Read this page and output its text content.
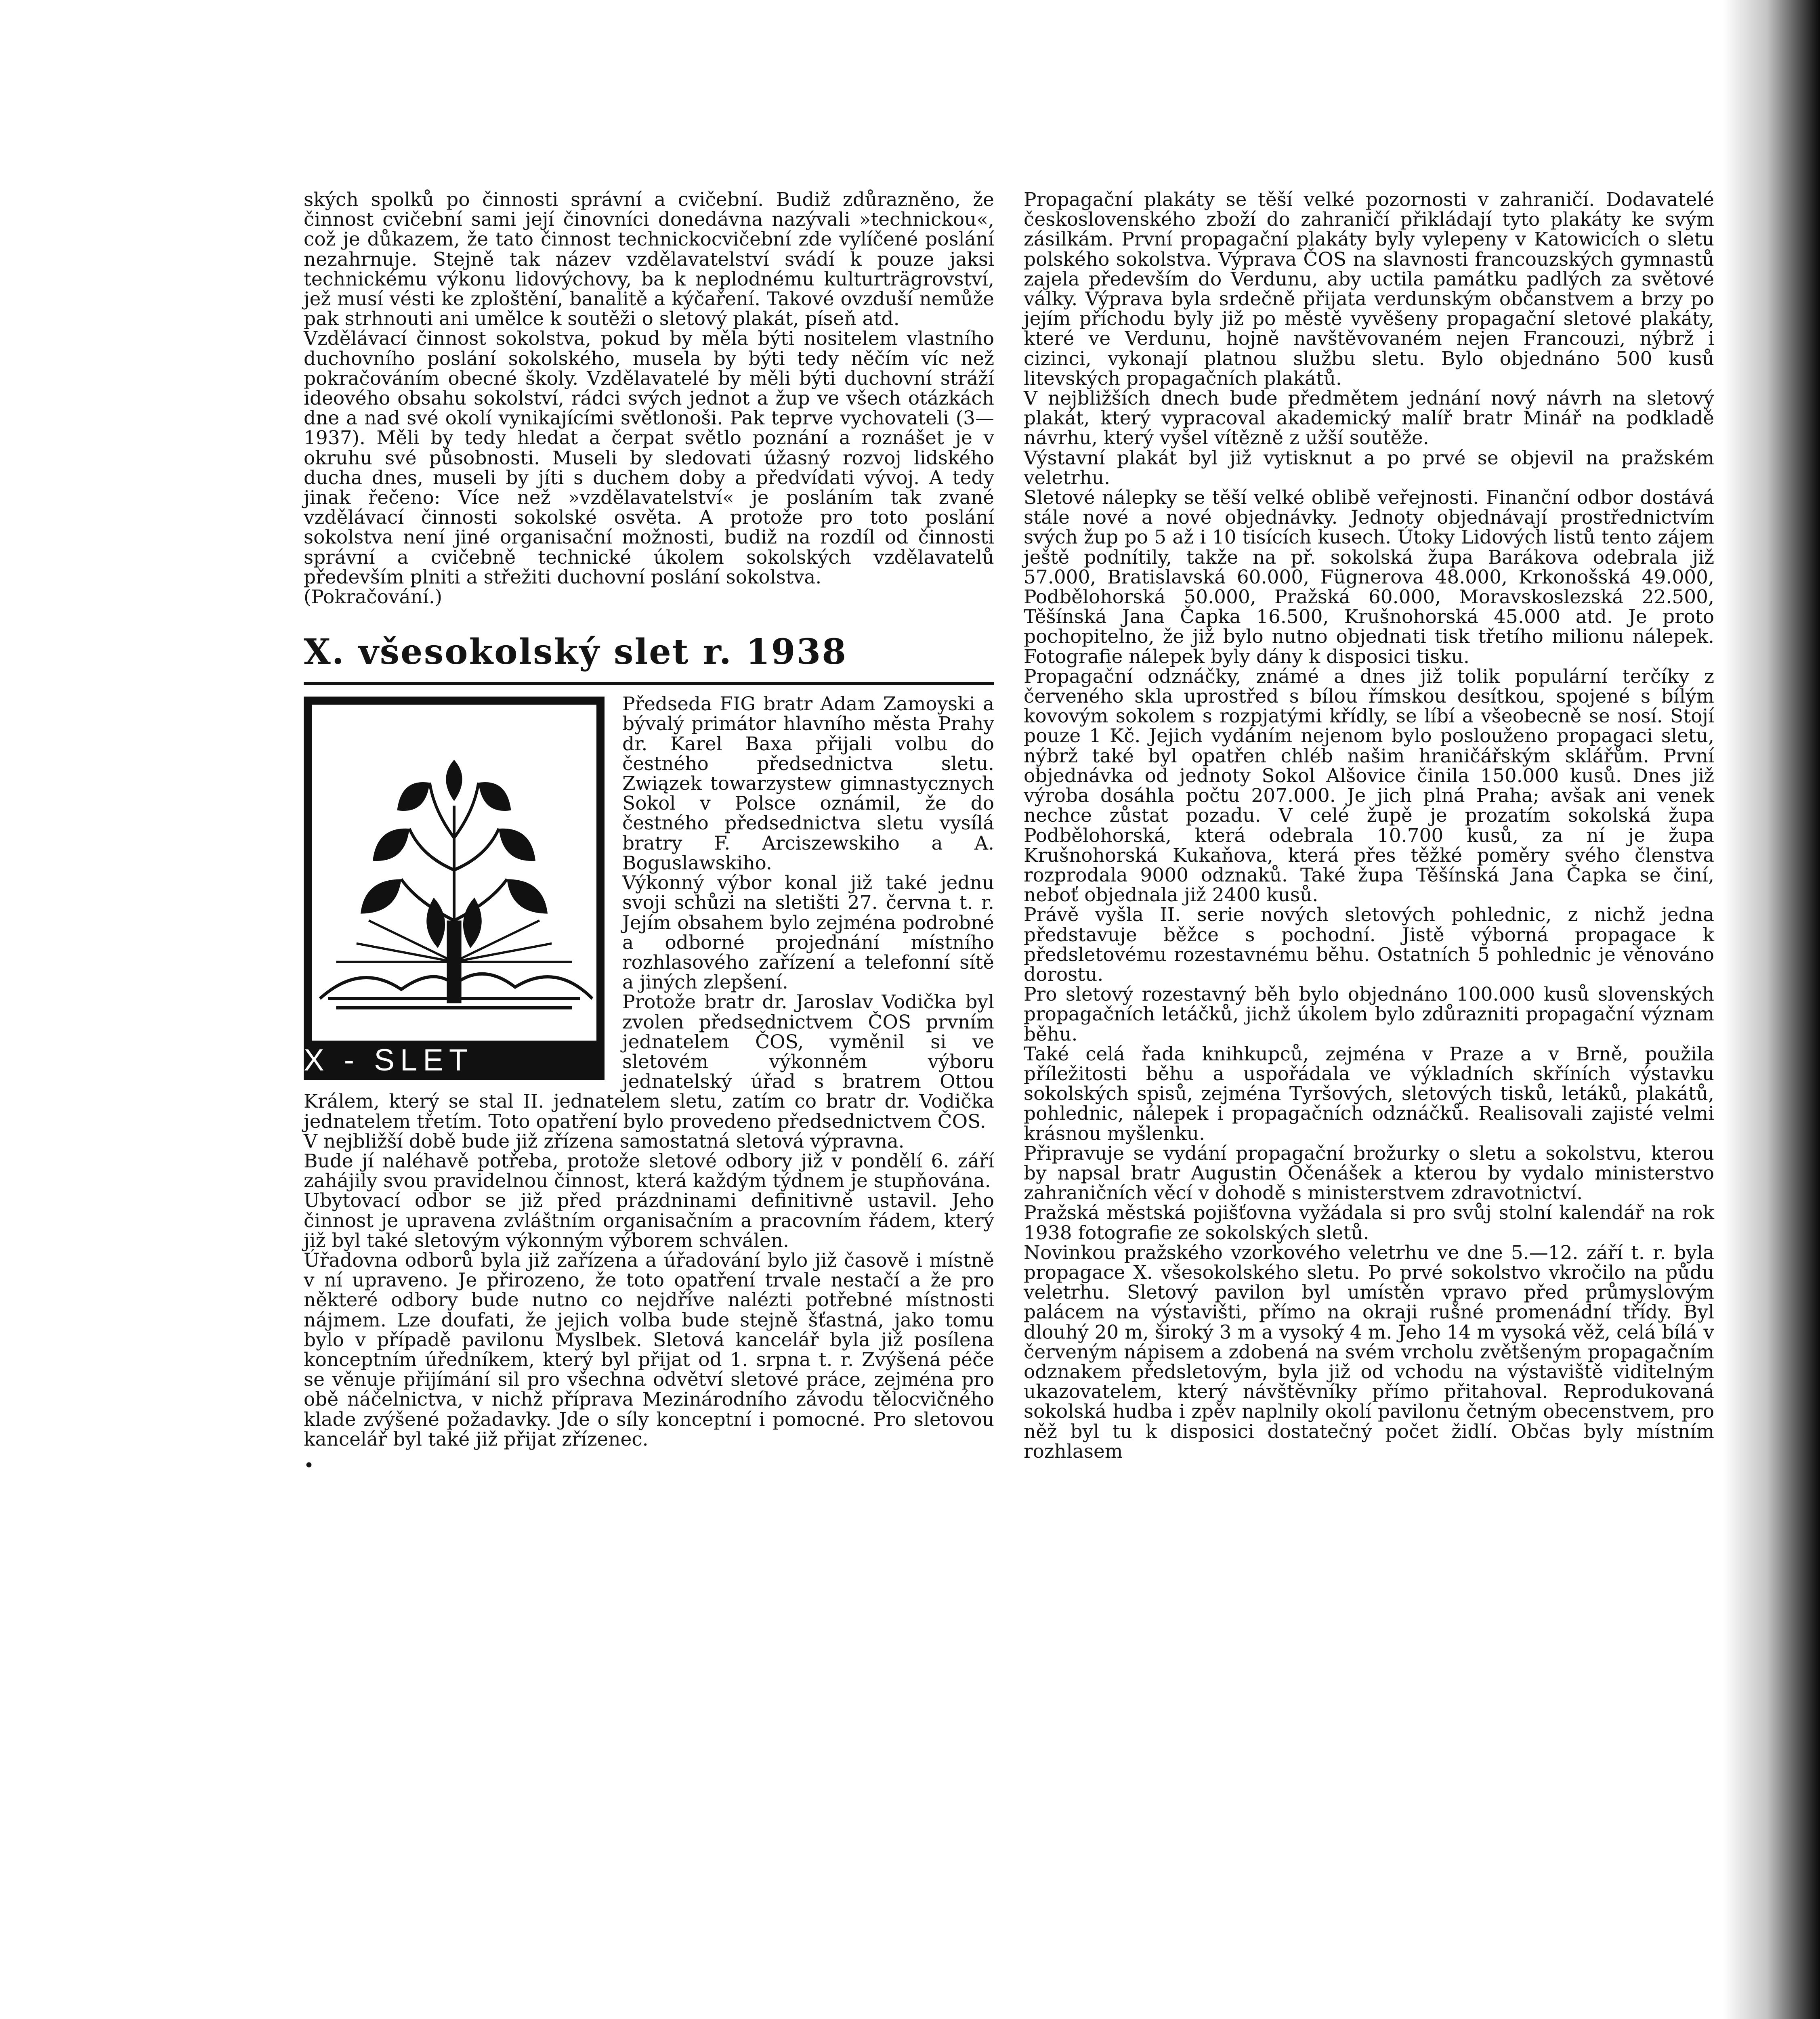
ských spolků po činnosti správní a cvičební. Budiž zdůrazněno, že činnost cvičební sami její činovníci donedávna nazývali »technickou«, což je důkazem, že tato činnost technickocvičební zde vylíčené poslání nezahrnuje. Stejně tak název vzdělavatelství svádí k pouze jaksi technickému výkonu lidovýchovy, ba k neplodnému kulturträgrovství, jež musí vésti ke zploštění, banalitě a kýčaření. Takové ovzduší nemůže pak strhnouti ani umělce k soutěži o sletový plakát, píseň atd.

Vzdělávací činnost sokolstva, pokud by měla býti nositelem vlastního duchovního poslání sokolského, musela by býti tedy něčím víc než pokračováním obecné školy. Vzdělavatelé by měli býti duchovní stráží ideového obsahu sokolství, rádci svých jednot a žup ve všech otázkách dne a nad své okolí vynikajícími světlonoši. Pak teprve vychovateli (3—1937). Měli by tedy hledat a čerpat světlo poznání a roznášet je v okruhu své působnosti. Museli by sledovati úžasný rozvoj lidského ducha dnes, museli by jíti s duchem doby a předvídati vývoj. A tedy jinak řečeno: Více než »vzdělavatelství« je posláním tak zvané vzdělávací činnosti sokolské osvěta. A protože pro toto poslání sokolstva není jiné organisační možnosti, budiž na rozdíl od činnosti správní a cvičebně technické úkolem sokolských vzdělavatelů především plniti a střežiti duchovní poslání sokolstva.

(Pokračování.)
X. všesokolský slet r. 1938
X - SLET

Předseda FIG bratr Adam Zamoyski a bývalý primátor hlavního města Prahy dr. Karel Baxa přijali volbu do čestného předsednictva sletu. Związek towarzystew gimnastycznych Sokol v Polsce oznámil, že do čestného předsednictva sletu vysílá bratry F. Arciszewskiho a A. Boguslawskiho.

Výkonný výbor konal již také jednu svoji schůzi na sletišti 27. června t. r. Jejím obsahem bylo zejména podrobné a odborné projednání místního rozhlasového zařízení a telefonní sítě a jiných zlepšení.

Protože bratr dr. Jaroslav Vodička byl zvolen předsednictvem ČOS prvním jednatelem ČOS, vyměnil si ve sletovém výkonném výboru jednatelský úřad s bratrem Ottou Králem, který se stal II. jednatelem sletu, zatím co bratr dr. Vodička jednatelem třetím. Toto opatření bylo provedeno předsednictvem ČOS.

V nejbližší době bude již zřízena samostatná sletová výpravna.

Bude jí naléhavě potřeba, protože sletové odbory již v pondělí 6. září zahájily svou pravidelnou činnost, která každým týdnem je stupňována.

Ubytovací odbor se již před prázdninami definitivně ustavil. Jeho činnost je upravena zvláštním organisačním a pracovním řádem, který již byl také sletovým výkonným výborem schválen.

Úřadovna odborů byla již zařízena a úřadování bylo již časově i místně v ní upraveno. Je přirozeno, že toto opatření trvale nestačí a že pro některé odbory bude nutno co nejdříve nalézti potřebné místnosti nájmem. Lze doufati, že jejich volba bude stejně šťastná, jako tomu bylo v případě pavilonu Myslbek. Sletová kancelář byla již posílena konceptním úředníkem, který byl přijat od 1. srpna t. r. Zvýšená péče se věnuje přijímání sil pro všechna odvětví sletové práce, zejména pro obě náčelnictva, v nichž příprava Mezinárodního závodu tělocvičného klade zvýšené požadavky. Jde o síly konceptní i pomocné. Pro sletovou kancelář byl také již přijat zřízenec.

•

Propagační plakáty se těší velké pozornosti v zahraničí. Dodavatelé československého zboží do zahraničí přikládají tyto plakáty ke svým zásilkám. První propagační plakáty byly vylepeny v Katowicích o sletu polského sokolstva. Výprava ČOS na slavnosti francouzských gymnastů zajela především do Verdunu, aby uctila památku padlých za světové války. Výprava byla srdečně přijata verdunským občanstvem a brzy po jejím příchodu byly již po městě vyvěšeny propagační sletové plakáty, které ve Verdunu, hojně navštěvovaném nejen Francouzi, nýbrž i cizinci, vykonají platnou službu sletu. Bylo objednáno 500 kusů litevských propagačních plakátů.

V nejbližších dnech bude předmětem jednání nový návrh na sletový plakát, který vypracoval akademický malíř bratr Minář na podkladě návrhu, který vyšel vítězně z užší soutěže.

Výstavní plakát byl již vytisknut a po prvé se objevil na pražském veletrhu.

Sletové nálepky se těší velké oblibě veřejnosti. Finanční odbor dostává stále nové a nové objednávky. Jednoty objednávají prostřednictvím svých žup po 5 až i 10 tisících kusech. Útoky Lidových listů tento zájem ještě podnítily, takže na př. sokolská župa Barákova odebrala již 57.000, Bratislavská 60.000, Fügnerova 48.000, Krkonošská 49.000, Podbělohorská 50.000, Pražská 60.000, Moravskoslezská 22.500, Těšínská Jana Čapka 16.500, Krušnohorská 45.000 atd. Je proto pochopitelno, že již bylo nutno objednati tisk třetího milionu nálepek. Fotografie nálepek byly dány k disposici tisku.

Propagační odznáčky, známé a dnes již tolik populární terčíky z červeného skla uprostřed s bílou římskou desítkou, spojené s bílým kovovým sokolem s rozpjatými křídly, se líbí a všeobecně se nosí. Stojí pouze 1 Kč. Jejich vydáním nejenom bylo poslouženo propagaci sletu, nýbrž také byl opatřen chléb našim hraničářským sklářům. První objednávka od jednoty Sokol Alšovice činila 150.000 kusů. Dnes již výroba dosáhla počtu 207.000. Je jich plná Praha; avšak ani venek nechce zůstat pozadu. V celé župě je prozatím sokolská župa Podbělohorská, která odebrala 10.700 kusů, za ní je župa Krušnohorská Kukaňova, která přes těžké poměry svého členstva rozprodala 9000 odznaků. Také župa Těšínská Jana Čapka se činí, neboť objednala již 2400 kusů.

Právě vyšla II. serie nových sletových pohlednic, z nichž jedna představuje běžce s pochodní. Jistě výborná propagace k předsletovému rozestavnému běhu. Ostatních 5 pohlednic je věnováno dorostu.

Pro sletový rozestavný běh bylo objednáno 100.000 kusů slovenských propagačních letáčků, jichž úkolem bylo zdůrazniti propagační význam běhu.

Také celá řada knihkupců, zejména v Praze a v Brně, použila příležitosti běhu a uspořádala ve výkladních skříních výstavku sokolských spisů, zejména Tyršových, sletových tisků, letáků, plakátů, pohlednic, nálepek i propagačních odznáčků. Realisovali zajisté velmi krásnou myšlenku.

Připravuje se vydání propagační brožurky o sletu a sokolstvu, kterou by napsal bratr Augustin Očenášek a kterou by vydalo ministerstvo zahraničních věcí v dohodě s ministerstvem zdravotnictví.

Pražská městská pojišťovna vyžádala si pro svůj stolní kalendář na rok 1938 fotografie ze sokolských sletů.

Novinkou pražského vzorkového veletrhu ve dne 5.—12. září t. r. byla propagace X. všesokolského sletu. Po prvé sokolstvo vkročilo na půdu veletrhu. Sletový pavilon byl umístěn vpravo před průmyslovým palácem na výstavišti, přímo na okraji rušné promenádní třídy. Byl dlouhý 20 m, široký 3 m a vysoký 4 m. Jeho 14 m vysoká věž, celá bílá v červeným nápisem a zdobená na svém vrcholu zvětšeným propagačním odznakem předsletovým, byla již od vchodu na výstaviště viditelným ukazovatelem, který návštěvníky přímo přitahoval. Reprodukovaná sokolská hudba i zpěv naplnily okolí pavilonu četným obecenstvem, pro něž byl tu k disposici dostatečný počet židlí. Občas byly místním rozhlasem
